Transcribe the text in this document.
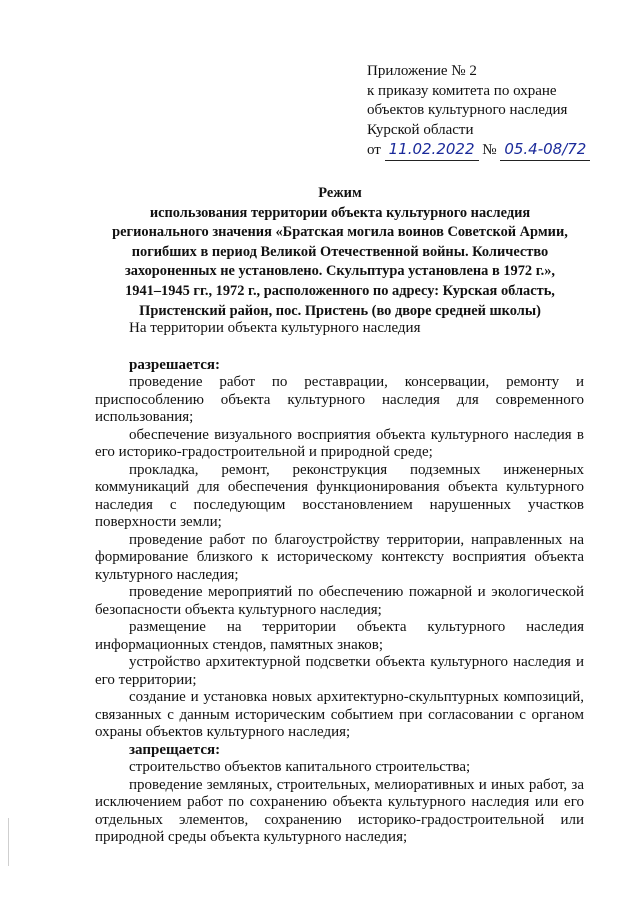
Приложение № 2
к приказу комитета по охране
объектов культурного наследия
Курской области
от 11.02.2022 № 05.4-08/72
Режим
использования территории объекта культурного наследия
регионального значения «Братская могила воинов Советской Армии,
погибших в период Великой Отечественной войны. Количество
захороненных не установлено. Скульптура установлена в 1972 г.»,
1941–1945 гг., 1972 г., расположенного по адресу: Курская область,
Пристенский район, пос. Пристень (во дворе средней школы)

На территории объекта культурного наследия

разрешается:

проведение работ по реставрации, консервации, ремонту и приспособлению объекта культурного наследия для современного использования;

обеспечение визуального восприятия объекта культурного наследия в его историко-градостроительной и природной среде;

прокладка, ремонт, реконструкция подземных инженерных коммуникаций для обеспечения функционирования объекта культурного наследия с последующим восстановлением нарушенных участков поверхности земли;

проведение работ по благоустройству территории, направленных на формирование близкого к историческому контексту восприятия объекта культурного наследия;

проведение мероприятий по обеспечению пожарной и экологической безопасности объекта культурного наследия;

размещение на территории объекта культурного наследия информационных стендов, памятных знаков;

устройство архитектурной подсветки объекта культурного наследия и его территории;

создание и установка новых архитектурно-скульптурных композиций, связанных с данным историческим событием при согласовании с органом охраны объектов культурного наследия;

запрещается:

строительство объектов капитального строительства;

проведение земляных, строительных, мелиоративных и иных работ, за исключением работ по сохранению объекта культурного наследия или его отдельных элементов, сохранению историко-градостроительной или природной среды объекта культурного наследия;
